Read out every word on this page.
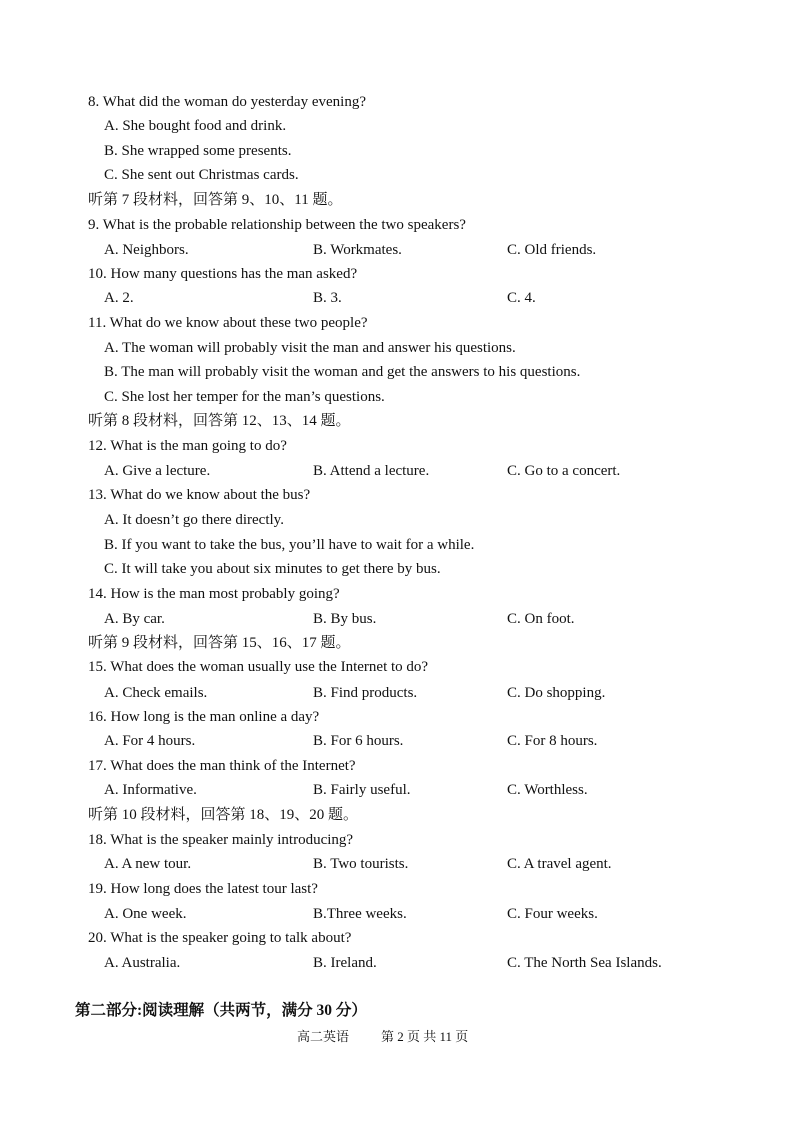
8. What did the woman do yesterday evening?
A. She bought food and drink.
B. She wrapped some presents.
C. She sent out Christmas cards.
听第 7 段材料，回答第 9、10、11 题。
9. What is the probable relationship between the two speakers?
A. Neighbors.	B. Workmates.	C. Old friends.
10. How many questions has the man asked?
A. 2.	B. 3.	C. 4.
11. What do we know about these two people?
A. The woman will probably visit the man and answer his questions.
B. The man will probably visit the woman and get the answers to his questions.
C. She lost her temper for the man’s questions.
听第 8 段材料，回答第 12、13、14 题。
12. What is the man going to do?
A. Give a lecture.	B. Attend a lecture.	C. Go to a concert.
13. What do we know about the bus?
A. It doesn’t go there directly.
B. If you want to take the bus, you’ll have to wait for a while.
C. It will take you about six minutes to get there by bus.
14. How is the man most probably going?
A. By car.	B. By bus.	C. On foot.
听第 9 段材料，回答第 15、16、17 题。
15. What does the woman usually use the Internet to do?
A. Check emails.	B. Find products.	C. Do shopping.
16. How long is the man online a day?
A. For 4 hours.	B. For 6 hours.	C. For 8 hours.
17. What does the man think of the Internet?
A. Informative.	B. Fairly useful.	C. Worthless.
听第 10 段材料，回答第 18、19、20 题。
18. What is the speaker mainly introducing?
A. A new tour.	B. Two tourists.	C. A travel agent.
19. How long does the latest tour last?
A. One week.	B.Three weeks.	C. Four weeks.
20. What is the speaker going to talk about?
A. Australia.	B. Ireland.	C. The North Sea Islands.
第二部分:阅读理解（共两节，满分 30 分）
高二英语 第 2 页 共 11 页
